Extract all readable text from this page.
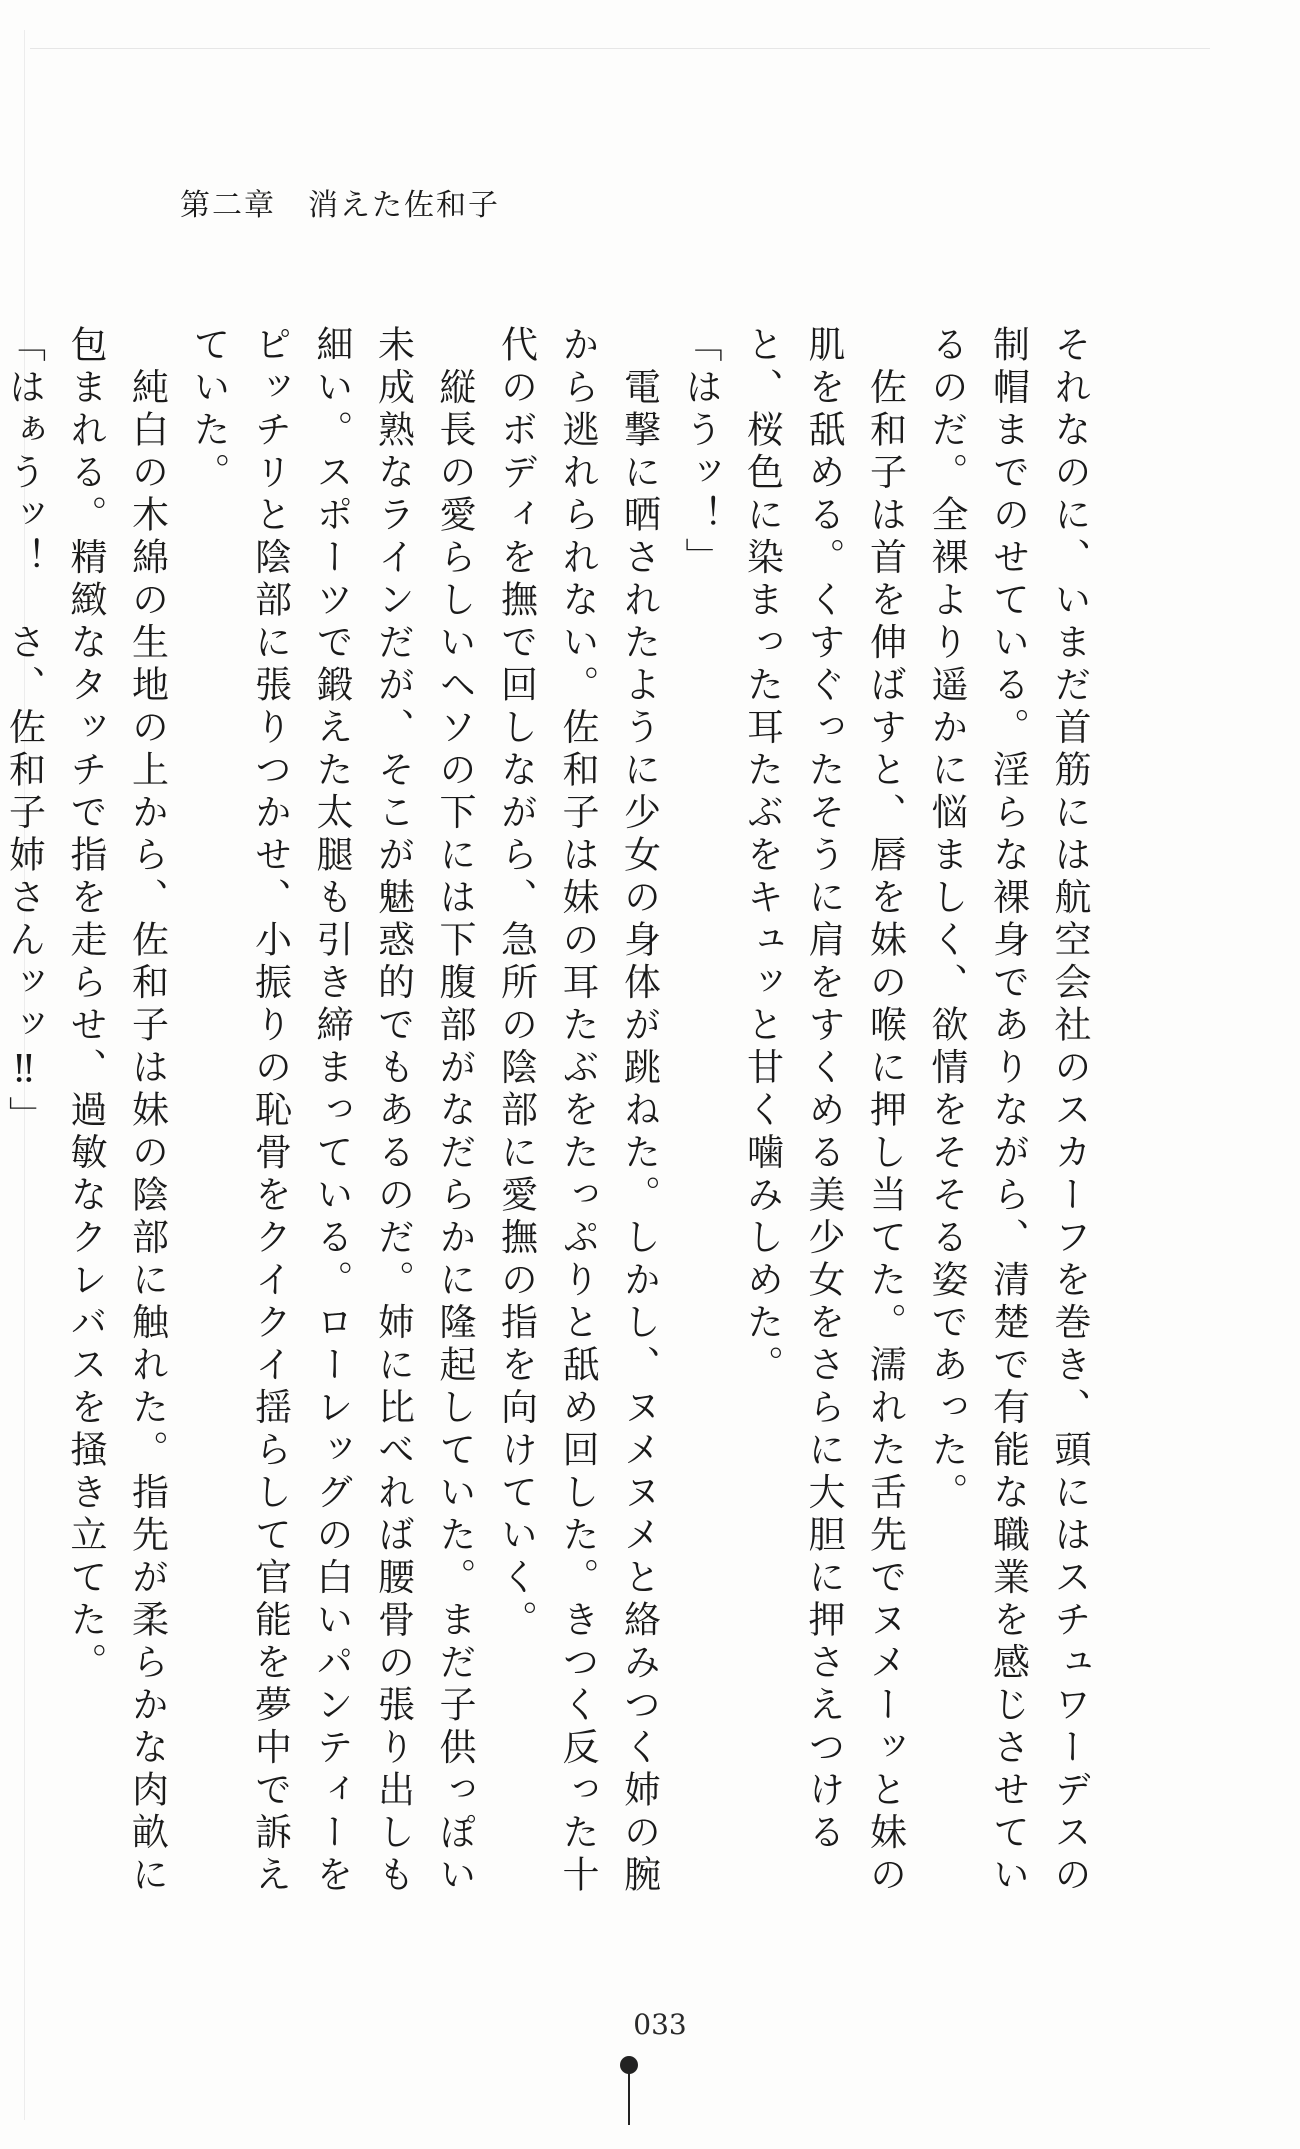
第二章　消えた佐和子

それなのに、いまだ首筋には航空会社のスカーフを巻き、頭にはスチュワーデスの制帽までのせている。淫らな裸身でありながら、清楚で有能な職業を感じさせているのだ。全裸より遥かに悩ましく、欲情をそそる姿であった。

　佐和子は首を伸ばすと、唇を妹の喉に押し当てた。濡れた舌先でヌメーッと妹の肌を舐める。くすぐったそうに肩をすくめる美少女をさらに大胆に押さえつけると、桜色に染まった耳たぶをキュッと甘く噛みしめた。

「はうッ！」

　電撃に晒されたように少女の身体が跳ねた。しかし、ヌメヌメと絡みつく姉の腕から逃れられない。佐和子は妹の耳たぶをたっぷりと舐め回した。きつく反った十代のボディを撫で回しながら、急所の陰部に愛撫の指を向けていく。

　縦長の愛らしいヘソの下には下腹部がなだらかに隆起していた。まだ子供っぽい未成熟なラインだが、そこが魅惑的でもあるのだ。姉に比べれば腰骨の張り出しも細い。スポーツで鍛えた太腿も引き締まっている。ローレッグの白いパンティーをピッチリと陰部に張りつかせ、小振りの恥骨をクイクイ揺らして官能を夢中で訴えていた。

　純白の木綿の生地の上から、佐和子は妹の陰部に触れた。指先が柔らかな肉畝に包まれる。精緻なタッチで指を走らせ、過敏なクレバスを掻き立てた。

「はぁうッ！　さ、佐和子姉さんッッ‼」

033
